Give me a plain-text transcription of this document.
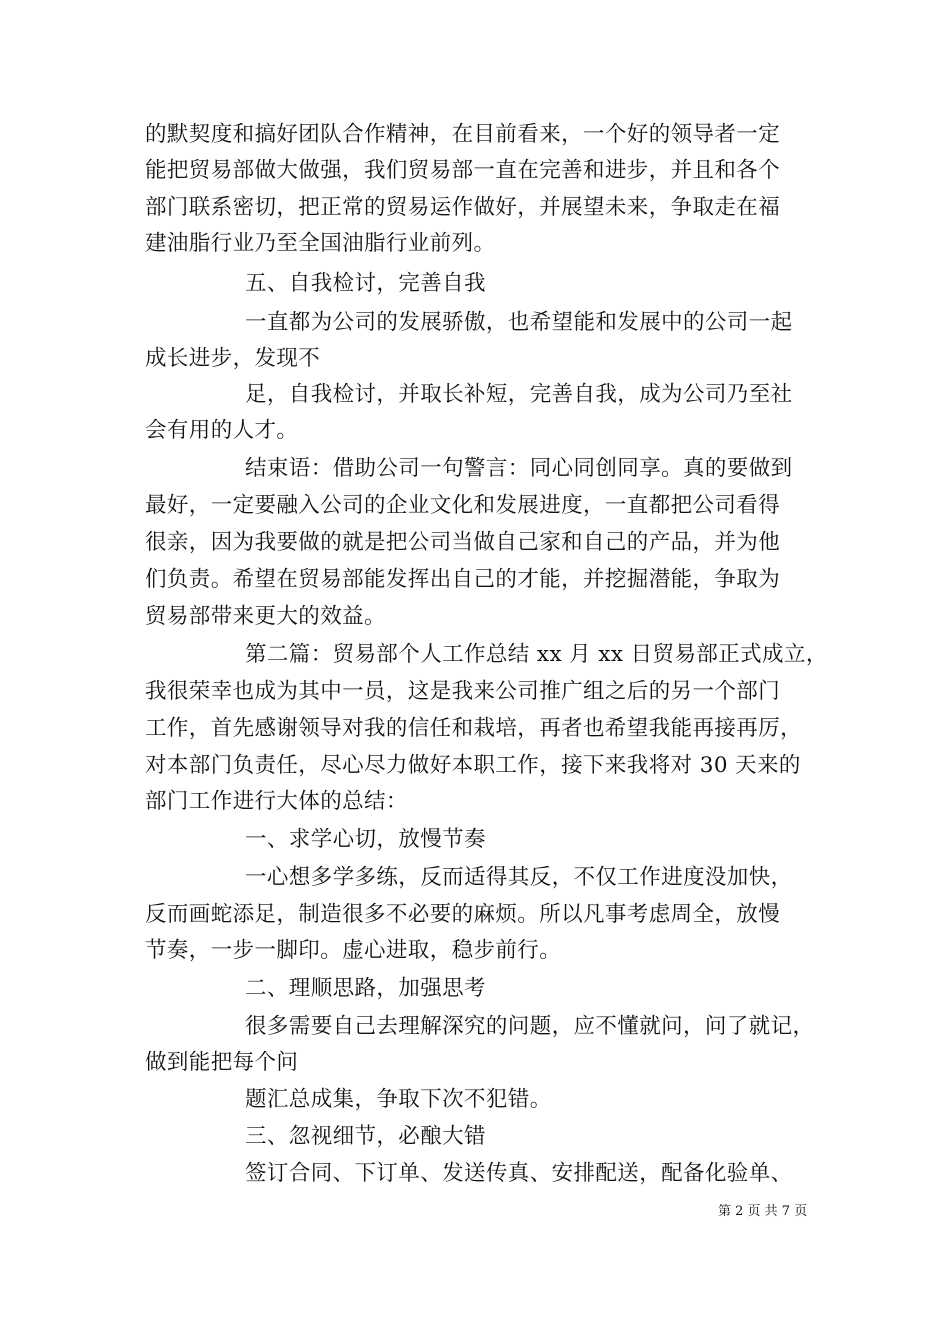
的默契度和搞好团队合作精神，在目前看来，一个好的领导者一定
能把贸易部做大做强，我们贸易部一直在完善和进步，并且和各个
部门联系密切，把正常的贸易运作做好，并展望未来，争取走在福
建油脂行业乃至全国油脂行业前列。
五、自我检讨，完善自我
一直都为公司的发展骄傲，也希望能和发展中的公司一起
成长进步，发现不
足，自我检讨，并取长补短，完善自我，成为公司乃至社
会有用的人才。
结束语：借助公司一句警言：同心同创同享。真的要做到
最好，一定要融入公司的企业文化和发展进度，一直都把公司看得
很亲，因为我要做的就是把公司当做自己家和自己的产品，并为他
们负责。希望在贸易部能发挥出自己的才能，并挖掘潜能，争取为
贸易部带来更大的效益。
第二篇：贸易部个人工作总结 xx 月 xx 日贸易部正式成立，
我很荣幸也成为其中一员，这是我来公司推广组之后的另一个部门
工作，首先感谢领导对我的信任和栽培，再者也希望我能再接再厉，
对本部门负责任，尽心尽力做好本职工作，接下来我将对 30 天来的
部门工作进行大体的总结：
一、求学心切，放慢节奏
一心想多学多练，反而适得其反，不仅工作进度没加快，
反而画蛇添足，制造很多不必要的麻烦。所以凡事考虑周全，放慢
节奏，一步一脚印。虚心进取，稳步前行。
二、理顺思路，加强思考
很多需要自己去理解深究的问题，应不懂就问，问了就记，
做到能把每个问
题汇总成集，争取下次不犯错。
三、忽视细节，必酿大错
签订合同、下订单、发送传真、安排配送，配备化验单、
第 2 页 共 7 页
